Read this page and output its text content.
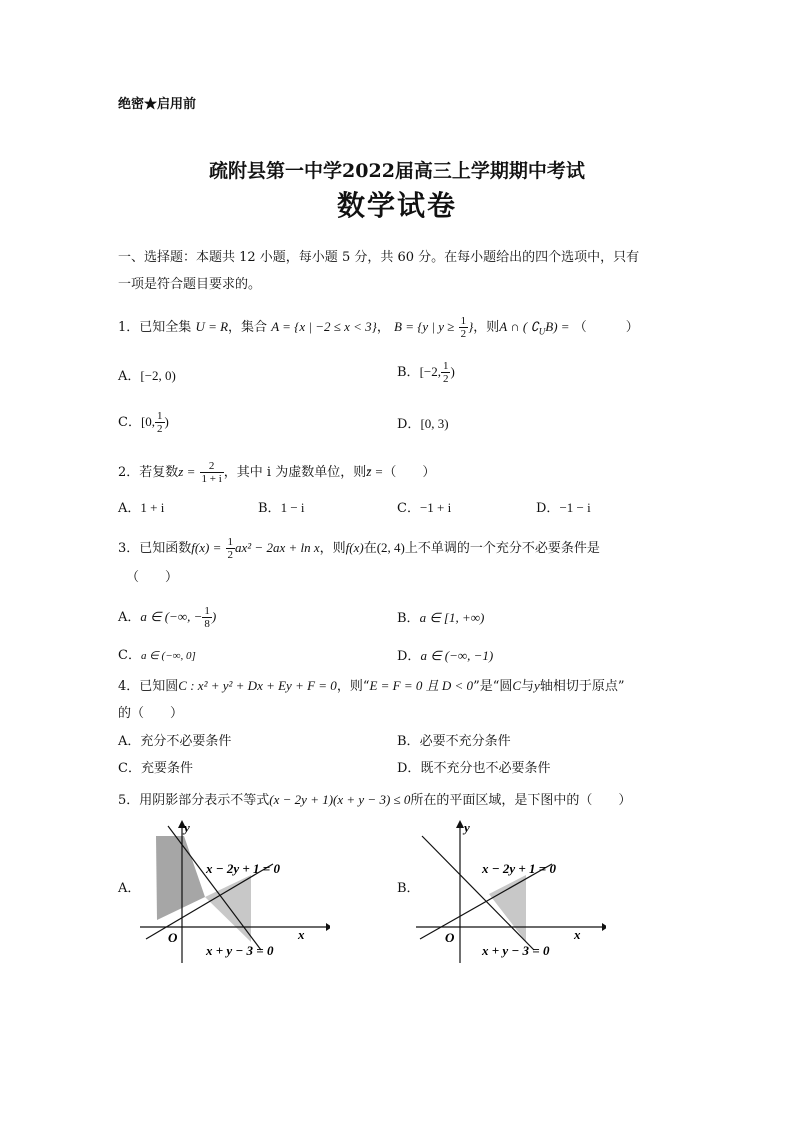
绝密★启用前
疏附县第一中学2022届高三上学期期中考试
数学试卷
一、选择题：本题共 12 小题，每小题 5 分，共 60 分。在每小题给出的四个选项中，只有
一项是符合题目要求的。
1．已知全集 U = R，集合 A = {x | −2 ≤ x < 3}， B = {y | $y \ge \frac{1}{2}$ }，则A ∩ ( $∁_UB$) = （　　　）
A．[−2, 0)	B．[−2, $\frac{1}{2}$ )
C．[0, $\frac{1}{2}$ )	D．[0, 3)
2．若复数$z = \frac{2}{1 + i}$ ，其中 i 为虚数单位，则z̄ =（　　）
A．1 + i	B．1 − i	C．−1 + i	D．−1 − i
3．已知函数$f(x) = \frac{1}{2} ax^2 - 2ax + \ln x$，则f(x)在(2, 4)上不单调的一个充分不必要条件是
（　　）
A．a ∈ (−∞, − $\frac{1}{8}$ )	B．a ∈ [1, +∞)
C．a ∈ (−∞, 0]	D．a ∈ (−∞, −1)
4．已知圆C : x² + y² + Dx + Ey + F = 0，则“E = F = 0 且 D < 0”是“圆C与y轴相切于原点”
的（　　）
A．充分不必要条件	B．必要不充分条件
C．充要条件	D．既不充分也不必要条件
5．用阴影部分表示不等式(x − 2y + 1)(x + y − 3) ≤ 0所在的平面区域，是下图中的（　　）
A．
y
x
O
x − 2y + 1 = 0
x + y − 3 = 0
B．
y
x
O
x − 2y + 1 = 0
x + y − 3 = 0
